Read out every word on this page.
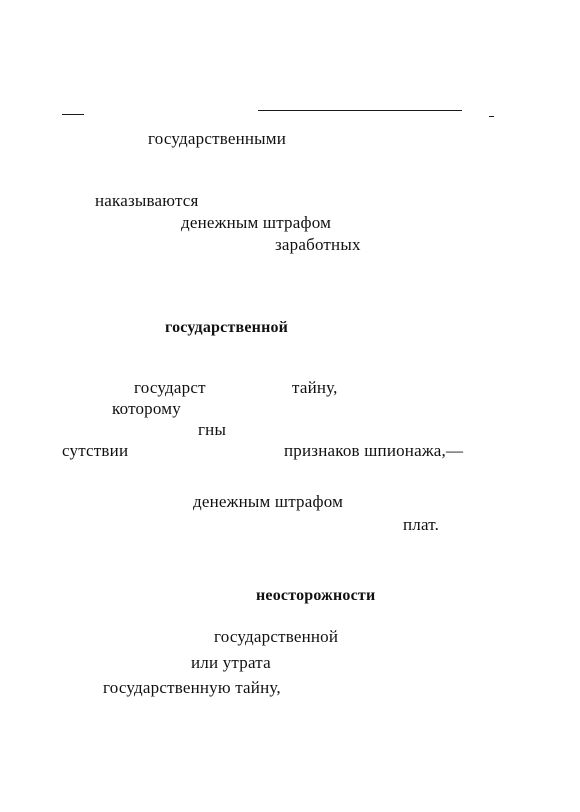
государственными
наказываются
денежным штрафом
заработных
государственной
государст	тайну,
которому
гны
сутствии	признаков шпионажа,—
денежным штрафом
плат.
неосторожности
государственной
или утрата
государственную тайну,
